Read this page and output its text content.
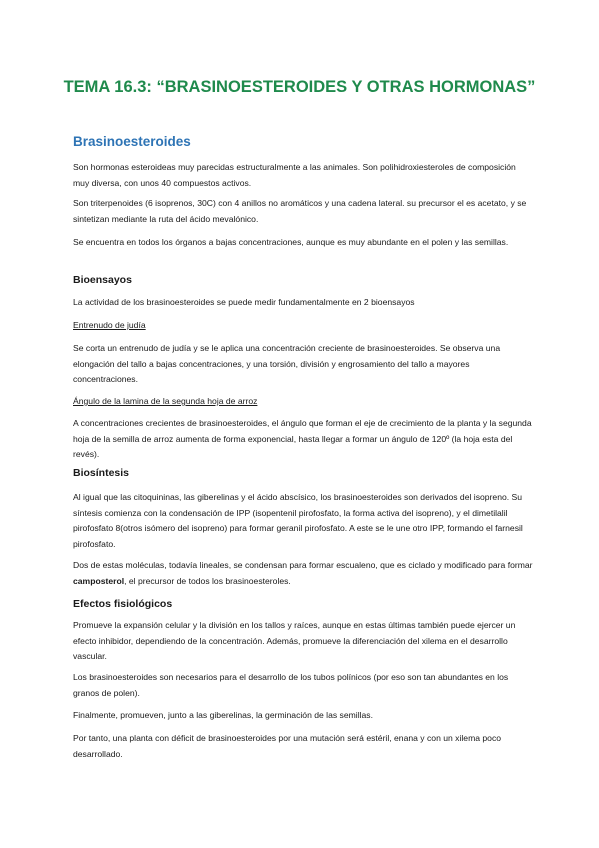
TEMA 16.3: “BRASINOESTEROIDES Y OTRAS HORMONAS”
Brasinoesteroides

Son hormonas esteroideas muy parecidas estructuralmente a las animales. Son polihidroxiesteroles de composición muy diversa, con unos 40 compuestos activos.

Son triterpenoides (6 isoprenos, 30C) con 4 anillos no aromáticos y una cadena lateral. su precursor el es acetato, y se sintetizan mediante la ruta del ácido mevalónico.

Se encuentra en todos los órganos a bajas concentraciones, aunque es muy abundante en el polen y las semillas.

Bioensayos

La actividad de los brasinoesteroides se puede medir fundamentalmente en 2 bioensayos

Entrenudo de judía

Se corta un entrenudo de judía y se le aplica una concentración creciente de brasinoesteroides. Se observa una elongación del tallo a bajas concentraciones, y una torsión, división y engrosamiento del tallo a mayores concentraciones.

Ángulo de la lamina de la segunda hoja de arroz

A concentraciones crecientes de brasinoesteroides, el ángulo que forman el eje de crecimiento de la planta y la segunda hoja de la semilla de arroz aumenta de forma exponencial, hasta llegar a formar un ángulo de 120º (la hoja esta del revés).

Biosíntesis

Al igual que las citoquininas, las giberelinas y el ácido abscísico, los brasinoesteroides son derivados del isopreno. Su síntesis comienza con la condensación de IPP (isopentenil pirofosfato, la forma activa del isopreno), y el dimetilalil pirofosfato 8(otros isómero del isopreno) para formar geranil pirofosfato. A este se le une otro IPP, formando el farnesil pirofosfato.

Dos de estas moléculas, todavía lineales, se condensan para formar escualeno, que es ciclado y modificado para formar camposterol, el precursor de todos los brasinoesteroles.

Efectos fisiológicos

Promueve la expansión celular y la división en los tallos y raíces, aunque en estas últimas también puede ejercer un efecto inhibidor, dependiendo de la concentración. Además, promueve la diferenciación del xilema en el desarrollo vascular.

Los brasinoesteroides son necesarios para el desarrollo de los tubos polínicos (por eso son tan abundantes en los granos de polen).

Finalmente, promueven, junto a las giberelinas, la germinación de las semillas.

Por tanto, una planta con déficit de brasinoesteroides por una mutación será estéril, enana y con un xilema poco desarrollado.
